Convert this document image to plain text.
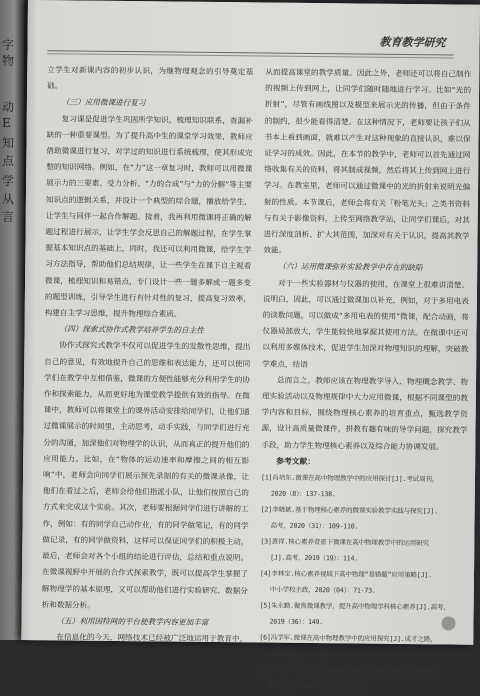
字
物
动
E
知
点
学
从
言
教育教学研究

立学生对新课内容的初步认识，为继物理观念的引导奠定基础。

（三）应用微课进行复习

复习课是促进学生巩固所学知识，梳理知识联系，查漏补缺的一种重要课型。为了提升高中生的课堂学习效果，教师应借助微课进行复习，对学过的知识进行系统梳理，使其形成完整的知识网络。例如，在“力”这一章复习时，教师可以用微课展示力的三要素、受力分析、“力的合成”与“力的分解”等主要知识点的逻辑关系，并设计一个典型的综合题，播放给学生，让学生与同伴一起合作解题。接着，我再利用微课将正确的解题过程进行展示，让学生学会反思自己的解题过程，在学生掌握基本知识点的基础上，同时，我还可以利用微课，给学生学习方法指导，帮助他们总结规律，让一些学生在课下自主观看微课，梳理知识和易错点，专门设计一些一题多解或一题多变的题型训练，引导学生进行有针对性的复习，提高复习效率，构建自主学习思维，提升物理综合素质。

（四）探索式协作式教学培养学生的自主性

协作式探究式教学不仅可以促进学生的发散性思维，提出自己的意见，有效地提升自己的思维和表达能力，还可以使同学们在教学中互相借鉴，微课的方便性能够充分利用学生的协作和探索能力，从而更好地为课堂教学提供有效的指导。在微课中，教师可以将课堂上的课外活动安排给同学们，让他们通过微课展示的时间里，主动思考，动手实践，与同学们进行充分的沟通，加深他们对物理学的认识，从而真正的提升他们的应用能力。比如，在“物体的运动速率和摩擦之间的相互影响”中，老师会向同学们展示预先录制的有关的微课录像，让他们在看过之后，老师会给他们指派小队，让他们按照自己的方式来完成这个实验。其次，老师要根据同学们进行讲解的工作，例如：有的同学自己动作业，有的同学做笔记，有的同学做记录，有的同学做资料，这样可以保证同学们的积极主动，最后，老师会对各个小组的结论进行评估，总结和重点说明。在微课视野中开展的合作式探索教学，既可以提高学生掌握了解物理学的基本原理，又可以帮助他们进行实验研究、数据分析和数据分析。

（五）利用因特网的平台使教学内容更加丰富

在信息化的今天，网络技术已经被广泛地运用于教育中，通过网络，老师们可以通过网络获取更多的学习资料，

从而提高课堂的教学质量。因此之外，老师还可以将自己制作的视频上传到网上，让同学们随时随地进行学习。比如“光的折射”，尽管有画线图以及模型来展示光的传播，但由于条件的制约，很少能看得清楚。在这种情况下，老师要让孩子们从书本上看到画面，就难以产生对这种现象的直接认识，难以保证学习的成效。因此，在本节的教学中，老师可以首先通过网络收集有关的资料，将其制成视频，然后将其上传到网上进行学习。在教室里，老师可以通过微课中的光的折射来说明光偏射的性质。本节课后，老师会将有关「粉笔光头」之类书资料与有关于影像资料，上传至网络教学站，让同学们课后，对其进行深度剖析、扩大其范围，加深对有关于认识，提高其教学效能。

（六）运用微课弥补实验教学中存在的缺陷

对于一些实验器材与仪器的使用，在课堂上很难讲清楚、说明白，因此，可以通过微课加以补充，例如，对于多用电表的读数问题，可以做成“多用电表的使用”微课，配合动画，将仪器局部放大，学生能较快地掌握其使用方法。在微课中还可以利用多媒体技术，促进学生加深对物理知识的理解，突破教学难点，结语

总而言之，教师应该在物理教学导入、物理概念教学、物理实验活动以及物理规律中大力应用微课，根据不同课型的教学内容和目标，围绕物理核心素养的培育重点，甄选教学资源，设计高质量微课件，拼教有趣有味的导学问题，探究教学手段，助力学生物理核心素养以及综合能力协调发展。

参考文献：

[1]肖培东.微课在高中物理教学中的应用探讨[J].考试周刊，
2020（8）：137-138.
[2]李晓斌.基于物理核心素养的微课实验教学实践与探究[J].
高考，2020（31）：109-110.
[3]黄祥.核心素养背景下微课在高中物理教学中的运用研究
[J].高考，2019（19）：114.
[4]李林宝.核心素养视域下高中物理“易错题”应用策略[J].
中小学校主政，2020（04）：71-73.
[5]朱永勤.聚焦微课教学，提升高中物理学科核心素养[J].高考，
2019（36）：149.
[6]冯学军.微课在高中物理教学中的应用探究[J].成才之路，
2019（35）：62-63.
[7]钱芹.如何在微课中体现高中物理学科核心素养[J].数理化
解题研究，2019（30）：44-45.
